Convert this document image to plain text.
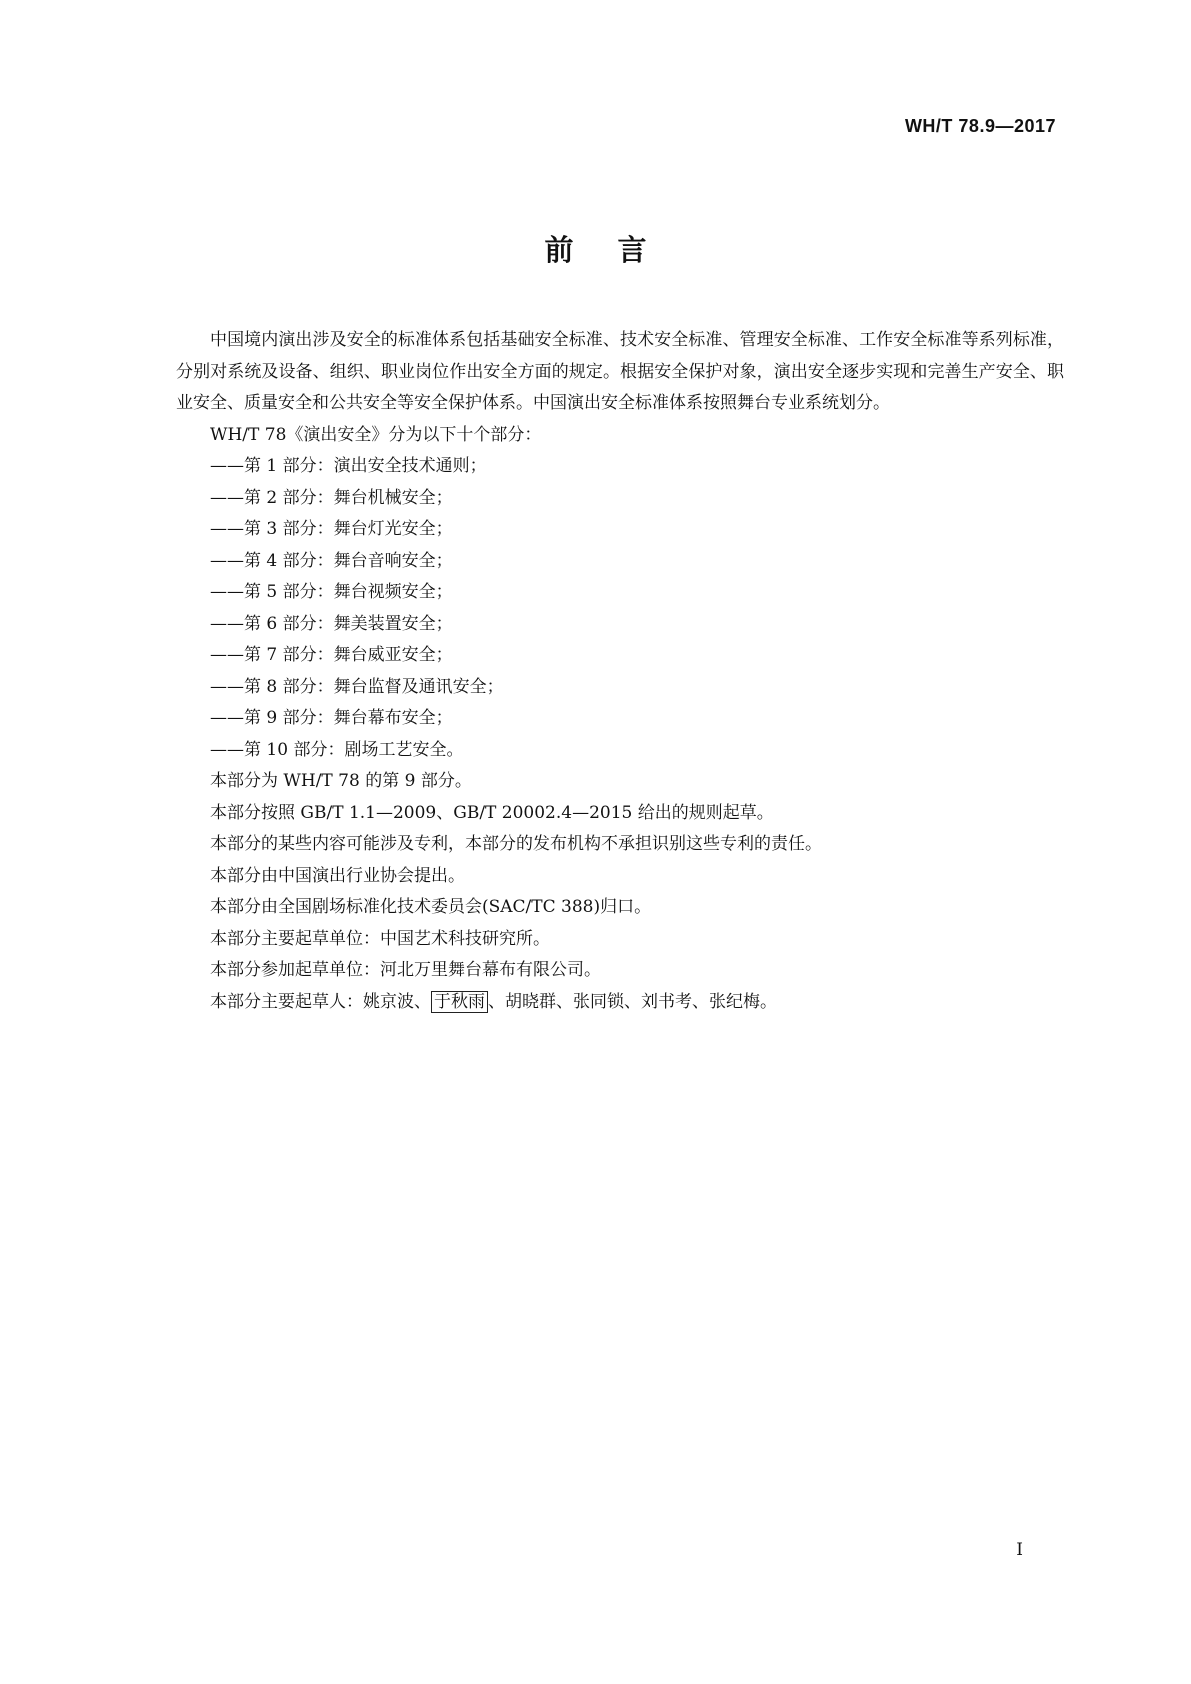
WH/T 78.9—2017
前言

中国境内演出涉及安全的标准体系包括基础安全标准、技术安全标准、管理安全标准、工作安全标准等系列标准，分别对系统及设备、组织、职业岗位作出安全方面的规定。根据安全保护对象，演出安全逐步实现和完善生产安全、职业安全、质量安全和公共安全等安全保护体系。中国演出安全标准体系按照舞台专业系统划分。

WH/T 78《演出安全》分为以下十个部分：

——第 1 部分：演出安全技术通则；

——第 2 部分：舞台机械安全；

——第 3 部分：舞台灯光安全；

——第 4 部分：舞台音响安全；

——第 5 部分：舞台视频安全；

——第 6 部分：舞美装置安全；

——第 7 部分：舞台威亚安全；

——第 8 部分：舞台监督及通讯安全；

——第 9 部分：舞台幕布安全；

——第 10 部分：剧场工艺安全。

本部分为 WH/T 78 的第 9 部分。

本部分按照 GB/T 1.1—2009、GB/T 20002.4—2015 给出的规则起草。

本部分的某些内容可能涉及专利，本部分的发布机构不承担识别这些专利的责任。

本部分由中国演出行业协会提出。

本部分由全国剧场标准化技术委员会(SAC/TC 388)归口。

本部分主要起草单位：中国艺术科技研究所。

本部分参加起草单位：河北万里舞台幕布有限公司。

本部分主要起草人：姚京波、 于秋雨 、胡晓群、张同锁、刘书考、张纪梅。

I
